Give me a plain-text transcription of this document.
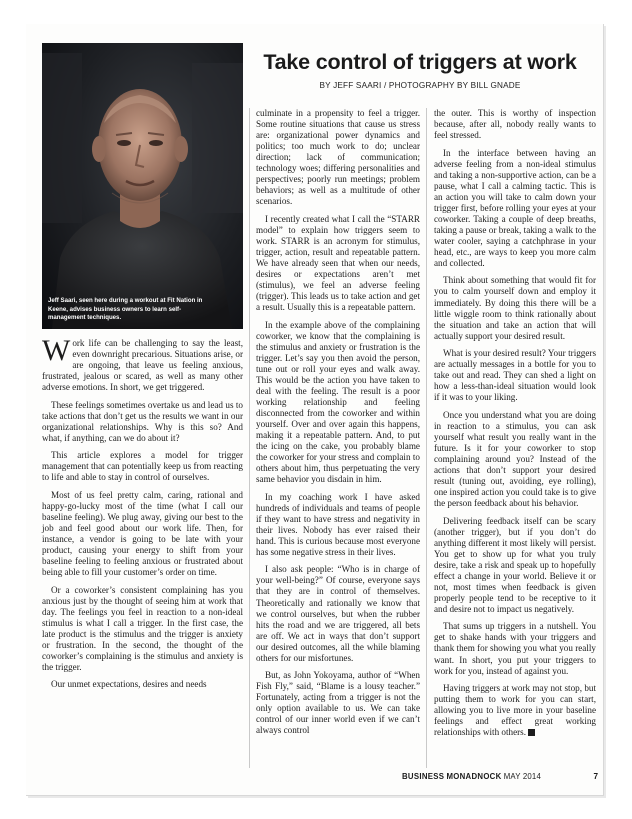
Jeff Saari, seen here during a workout at Fit Nation in Keene, advises business owners to learn self-management techniques.
Take control of triggers at work
BY JEFF SAARI / PHOTOGRAPHY BY BILL GNADE

Work life can be challenging to say the least, even downright precarious. Situations arise, or are ongoing, that leave us feeling anxious, frustrated, jealous or scared, as well as many other adverse emotions. In short, we get triggered.

These feelings sometimes overtake us and lead us to take actions that don’t get us the results we want in our organizational relationships. Why is this so? And what, if anything, can we do about it?

This article explores a model for trigger management that can potentially keep us from reacting to life and able to stay in control of ourselves.

Most of us feel pretty calm, caring, rational and happy-go-lucky most of the time (what I call our baseline feeling). We plug away, giving our best to the job and feel good about our work life. Then, for instance, a vendor is going to be late with your product, causing your energy to shift from your baseline feeling to feeling anxious or frustrated about being able to fill your customer’s order on time.

Or a coworker’s consistent complaining has you anxious just by the thought of seeing him at work that day. The feelings you feel in reaction to a non-ideal stimulus is what I call a trigger. In the first case, the late product is the stimulus and the trigger is anxiety or frustration. In the second, the thought of the coworker’s complaining is the stimulus and anxiety is the trigger.

Our unmet expectations, desires and needs

culminate in a propensity to feel a trigger. Some routine situations that cause us stress are: organizational power dynamics and politics; too much work to do; unclear direction; lack of communication; technology woes; differing personalities and perspectives; poorly run meetings; problem behaviors; as well as a multitude of other scenarios.

I recently created what I call the “STARR model” to explain how triggers seem to work. STARR is an acronym for stimulus, trigger, action, result and repeatable pattern. We have already seen that when our needs, desires or expectations aren’t met (stimulus), we feel an adverse feeling (trigger). This leads us to take action and get a result. Usually this is a repeatable pattern.

In the example above of the complaining coworker, we know that the complaining is the stimulus and anxiety or frustration is the trigger. Let’s say you then avoid the person, tune out or roll your eyes and walk away. This would be the action you have taken to deal with the feeling. The result is a poor working relationship and feeling disconnected from the coworker and within yourself. Over and over again this happens, making it a repeatable pattern. And, to put the icing on the cake, you probably blame the coworker for your stress and complain to others about him, thus perpetuating the very same behavior you disdain in him.

In my coaching work I have asked hundreds of individuals and teams of people if they want to have stress and negativity in their lives. Nobody has ever raised their hand. This is curious because most everyone has some negative stress in their lives.

I also ask people: “Who is in charge of your well-being?” Of course, everyone says that they are in control of themselves. Theoretically and rationally we know that we control ourselves, but when the rubber hits the road and we are triggered, all bets are off. We act in ways that don’t support our desired outcomes, all the while blaming others for our misfortunes.

But, as John Yokoyama, author of “When Fish Fly,” said, “Blame is a lousy teacher.” Fortunately, acting from a trigger is not the only option available to us. We can take control of our inner world even if we can’t always control

the outer. This is worthy of inspection because, after all, nobody really wants to feel stressed.

In the interface between having an adverse feeling from a non-ideal stimulus and taking a non-supportive action, can be a pause, what I call a calming tactic. This is an action you will take to calm down your trigger first, before rolling your eyes at your coworker. Taking a couple of deep breaths, taking a pause or break, taking a walk to the water cooler, saying a catchphrase in your head, etc., are ways to keep you more calm and collected.

Think about something that would fit for you to calm yourself down and employ it immediately. By doing this there will be a little wiggle room to think rationally about the situation and take an action that will actually support your desired result.

What is your desired result? Your triggers are actually messages in a bottle for you to take out and read. They can shed a light on how a less-than-ideal situation would look if it was to your liking.

Once you understand what you are doing in reaction to a stimulus, you can ask yourself what result you really want in the future. Is it for your coworker to stop complaining around you? Instead of the actions that don’t support your desired result (tuning out, avoiding, eye rolling), one inspired action you could take is to give the person feedback about his behavior.

Delivering feedback itself can be scary (another trigger), but if you don’t do anything different it most likely will persist. You get to show up for what you truly desire, take a risk and speak up to hopefully effect a change in your world. Believe it or not, most times when feedback is given properly people tend to be receptive to it and desire not to impact us negatively.

That sums up triggers in a nutshell. You get to shake hands with your triggers and thank them for showing you what you really want. In short, you put your triggers to work for you, instead of against you.

Having triggers at work may not stop, but putting them to work for you can start, allowing you to live more in your baseline feelings and effect great working relationships with others.

BUSINESS MONADNOCK MAY 2014	7
